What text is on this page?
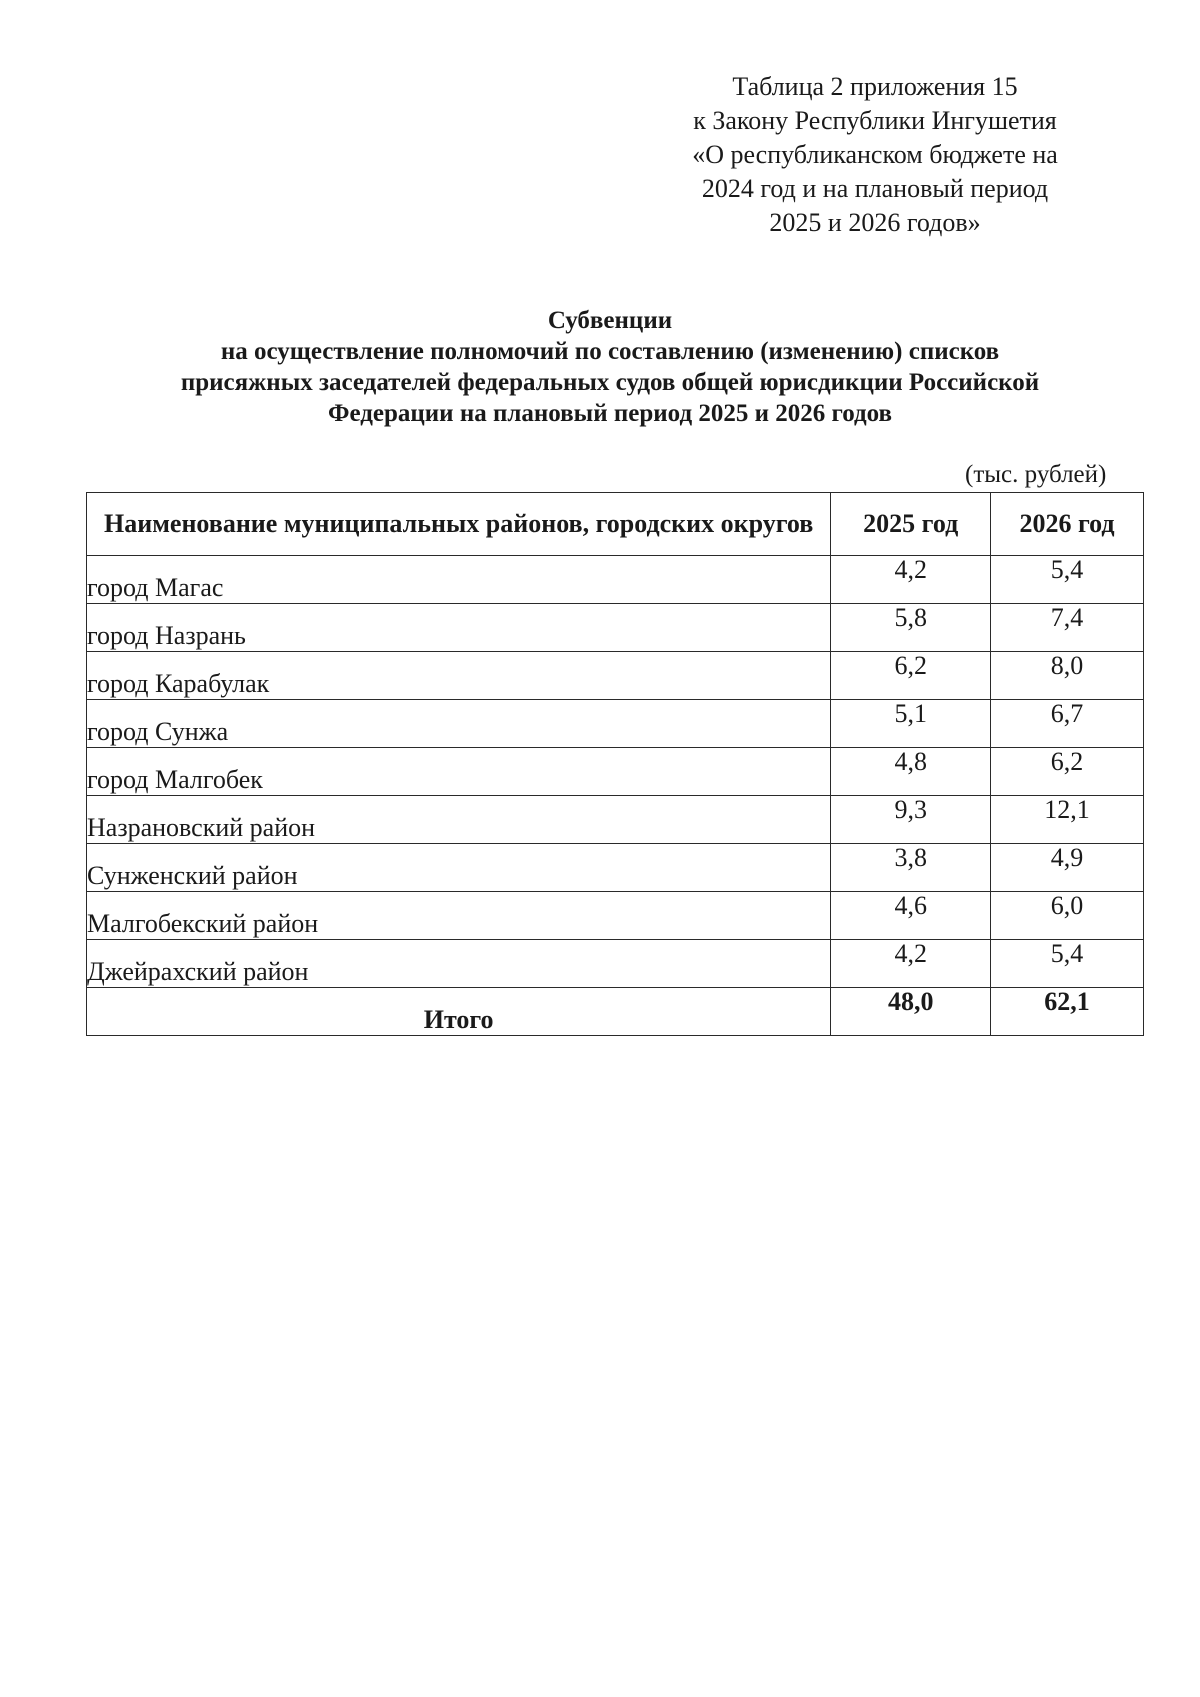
Таблица 2 приложения 15
к Закону Республики Ингушетия
«О республиканском бюджете на
2024 год и на плановый период
2025 и 2026 годов»
Субвенции
на осуществление полномочий по составлению (изменению) списков
присяжных заседателей федеральных судов общей юрисдикции Российской
Федерации на плановый период 2025 и 2026 годов
(тыс. рублей)
Наименование муниципальных районов, городских округов	2025 год	2026 год
город Магас	4,2	5,4
город Назрань	5,8	7,4
город Карабулак	6,2	8,0
город Сунжа	5,1	6,7
город Малгобек	4,8	6,2
Назрановский район	9,3	12,1
Сунженский район	3,8	4,9
Малгобекский район	4,6	6,0
Джейрахский район	4,2	5,4
Итого	48,0	62,1
